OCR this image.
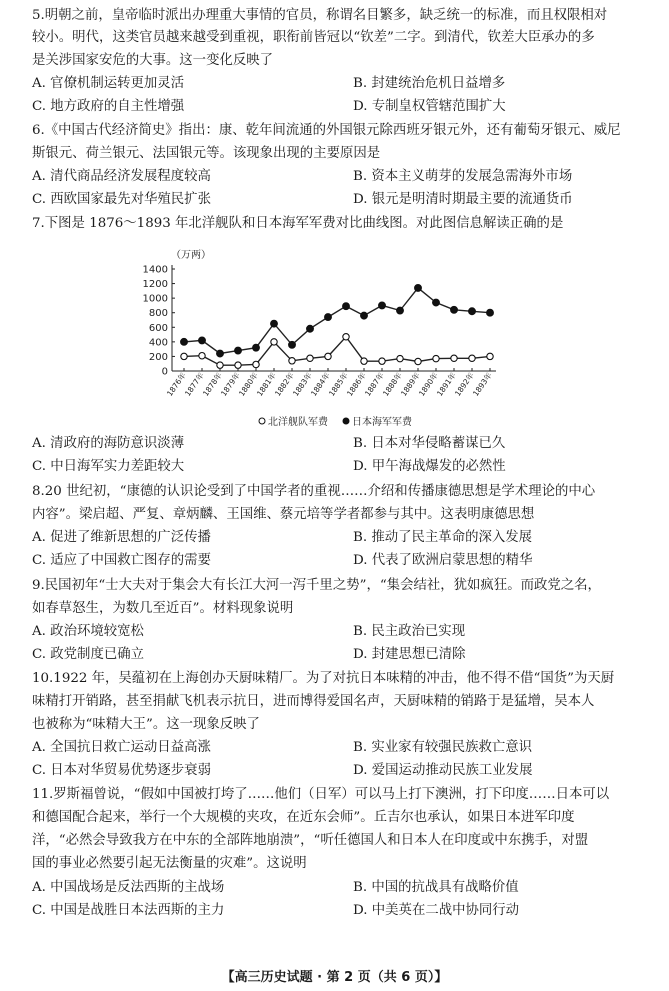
5.明朝之前，皇帝临时派出办理重大事情的官员，称谓名目繁多，缺乏统一的标准，而且权限相对
较小。明代，这类官员越来越受到重视，职衔前皆冠以“钦差”二字。到清代，钦差大臣承办的多
是关涉国家安危的大事。这一变化反映了
A. 官僚机制运转更加灵活	B. 封建统治危机日益增多
C. 地方政府的自主性增强	D. 专制皇权管辖范围扩大
6.《中国古代经济简史》指出：康、乾年间流通的外国银元除西班牙银元外，还有葡萄牙银元、威尼
斯银元、荷兰银元、法国银元等。该现象出现的主要原因是
A. 清代商品经济发展程度较高	B. 资本主义萌芽的发展急需海外市场
C. 西欧国家最先对华殖民扩张	D. 银元是明清时期最主要的流通货币
7.下图是 1876～1893 年北洋舰队和日本海军军费对比曲线图。对此图信息解读正确的是
（万两）
0
200
400
600
800
1000
1200
1400
1876年
1877年
1878年
1879年
1880年
1881年
1882年
1883年
1884年
1885年
1886年
1887年
1888年
1889年
1890年
1891年
1892年
1893年
北洋舰队军费 日本海军军费
A. 清政府的海防意识淡薄	B. 日本对华侵略蓄谋已久
C. 中日海军实力差距较大	D. 甲午海战爆发的必然性
8.20 世纪初，“康德的认识论受到了中国学者的重视……介绍和传播康德思想是学术理论的中心
内容”。梁启超、严复、章炳麟、王国维、蔡元培等学者都参与其中。这表明康德思想
A. 促进了维新思想的广泛传播	B. 推动了民主革命的深入发展
C. 适应了中国救亡图存的需要	D. 代表了欧洲启蒙思想的精华
9.民国初年“士大夫对于集会大有长江大河一泻千里之势”，“集会结社，犹如疯狂。而政党之名，
如春草怒生，为数几至近百”。材料现象说明
A. 政治环境较宽松	B. 民主政治已实现
C. 政党制度已确立	D. 封建思想已清除
10.1922 年，吴蕴初在上海创办天厨味精厂。为了对抗日本味精的冲击，他不得不借“国货”为天厨
味精打开销路，甚至捐献飞机表示抗日，进而博得爱国名声，天厨味精的销路于是猛增，吴本人
也被称为“味精大王”。这一现象反映了
A. 全国抗日救亡运动日益高涨	B. 实业家有较强民族救亡意识
C. 日本对华贸易优势逐步衰弱	D. 爱国运动推动民族工业发展
11.罗斯福曾说，“假如中国被打垮了……他们（日军）可以马上打下澳洲，打下印度……日本可以
和德国配合起来，举行一个大规模的夹攻，在近东会师”。丘吉尔也承认，如果日本进军印度
洋，“必然会导致我方在中东的全部阵地崩溃”，“听任德国人和日本人在印度或中东携手，对盟
国的事业必然要引起无法衡量的灾难”。这说明
A. 中国战场是反法西斯的主战场	B. 中国的抗战具有战略价值
C. 中国是战胜日本法西斯的主力	D. 中美英在二战中协同行动
【高三历史试题 · 第 2 页（共 6 页）】
